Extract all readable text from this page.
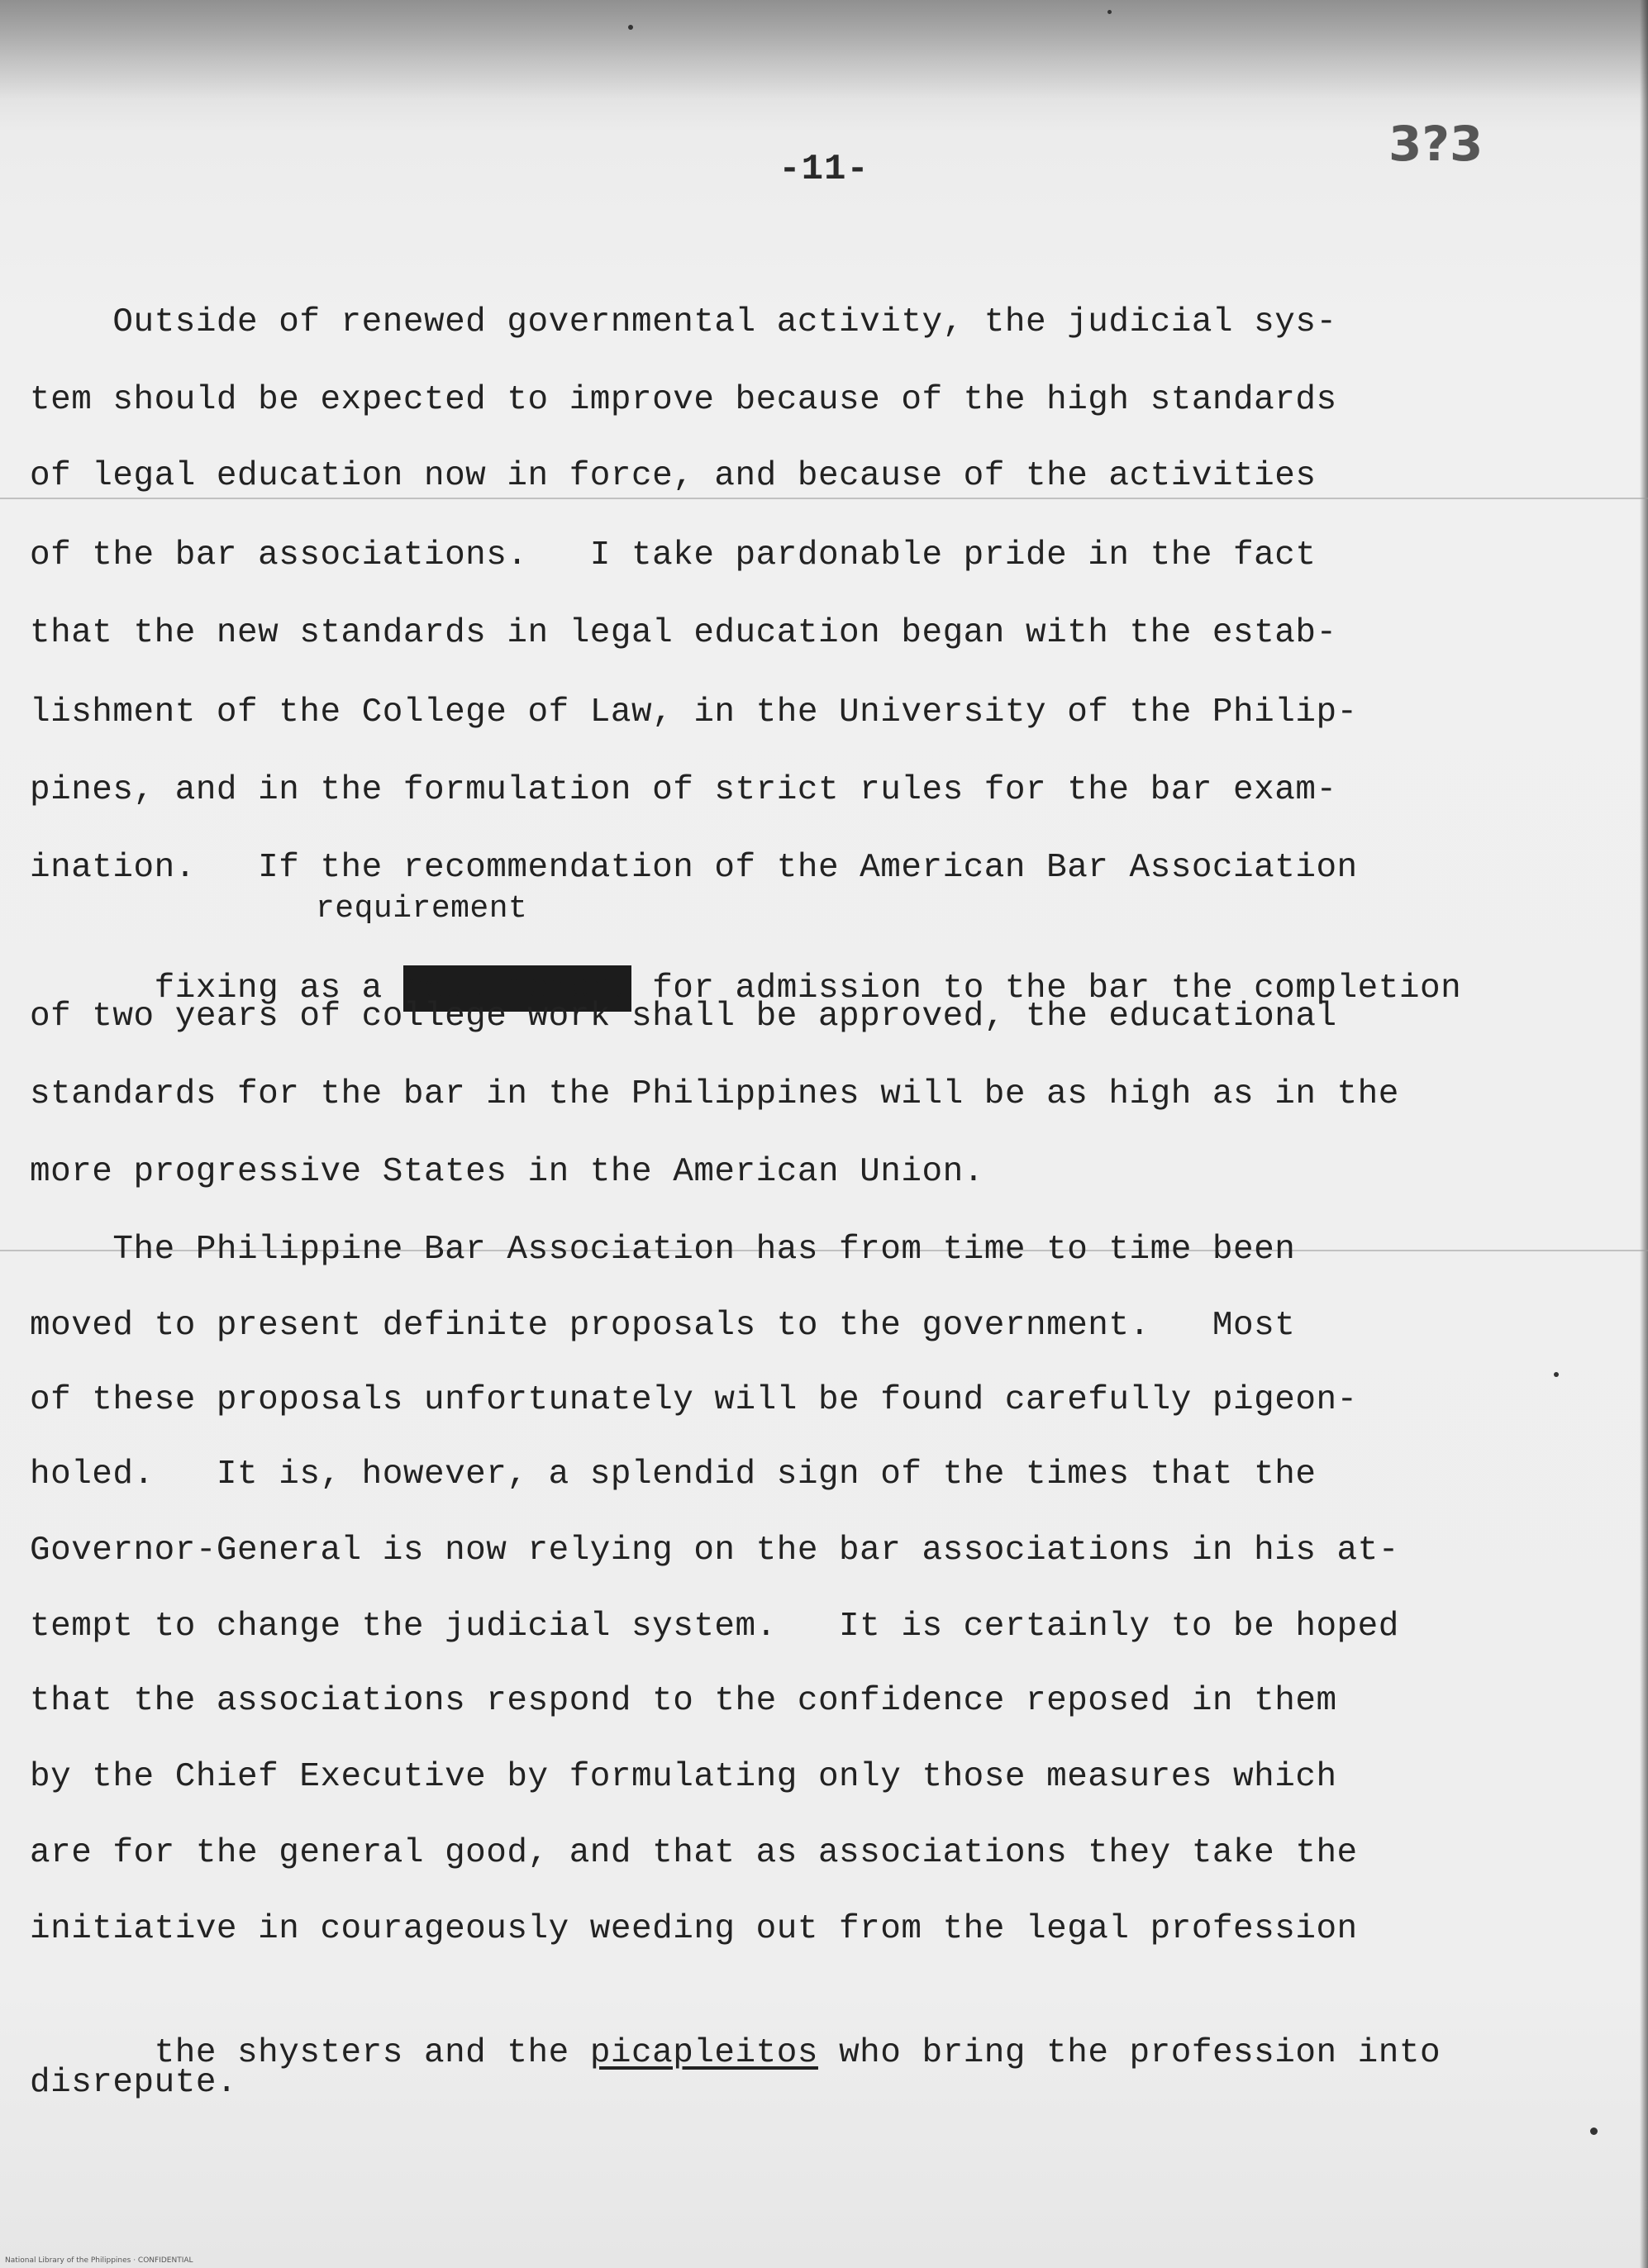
-11-	3?3
Outside of renewed governmental activity, the judicial sys-
tem should be expected to improve because of the high standards
of legal education now in force, and because of the activities
of the bar associations.   I take pardonable pride in the fact
that the new standards in legal education began with the estab-
lishment of the College of Law, in the University of the Philip-
pines, and in the formulation of strict rules for the bar exam-
ination.   If the recommendation of the American Bar Association

requirement
fixing as a requirement for admission to the bar the completion

of two years of college work shall be approved, the educational
standards for the bar in the Philippines will be as high as in the
more progressive States in the American Union.
The Philippine Bar Association has from time to time been
moved to present definite proposals to the government.   Most
of these proposals unfortunately will be found carefully pigeon-
holed.   It is, however, a splendid sign of the times that the
Governor-General is now relying on the bar associations in his at-
tempt to change the judicial system.   It is certainly to be hoped
that the associations respond to the confidence reposed in them
by the Chief Executive by formulating only those measures which
are for the general good, and that as associations they take the
initiative in courageously weeding out from the legal profession

the shysters and the picapleitos who bring the profession into

disrepute.
National Library of the Philippines · CONFIDENTIAL
